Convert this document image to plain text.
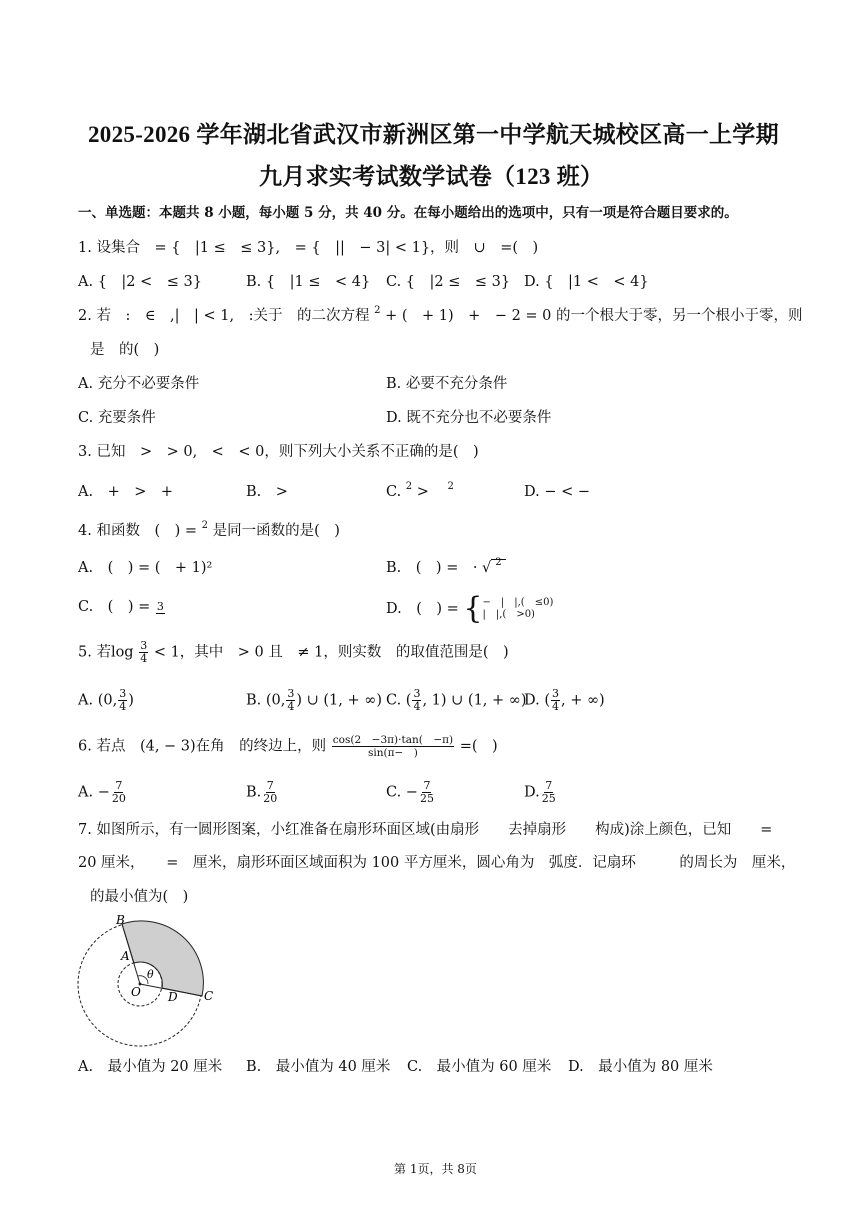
2025-2026 学年湖北省武汉市新洲区第一中学航天城校区高一上学期
九月求实考试数学试卷（123 班）
一、单选题：本题共 8 小题，每小题 5 分，共 40 分。在每小题给出的选项中，只有一项是符合题目要求的。
1. 设集合　= {　|1 ≤　≤ 3},　= {　||　− 3| < 1}，则　∪　=(　)
A. {　|2 <　≤ 3}	B. {　|1 ≤　< 4} C. {　|2 ≤　≤ 3} D. {　|1 <　< 4}
2. 若　:　∈　,|　| < 1,　:关于　的二次方程 $^2$ + (　+ 1)　+　− 2 = 0 的一个根大于零，另一个根小于零，则
是　的(　)
A. 充分不必要条件	B. 必要不充分条件
C. 充要条件	D. 既不充分也不必要条件
3. 已知　>　> 0,　<　< 0，则下列大小关系不正确的是(　)
A.　+　>　+	B.　>	C. $^2$ > $^2$	D. − < −
4. 和函数　(　) = $^2$ 是同一函数的是(　)
A.　(　) = (　+ 1)²	B.　(　) =　· √ $^2$
C.　(　) = 3	D.　(　) = { −　|　|,(　≤0)
|　|,(　>0)
5. 若$\log \frac{3}{4} < 1$，其中　> 0 且　≠ 1，则实数　的取值范围是(　)
A. (0, $\frac{3}{4}$ )	B. (0, $\frac{3}{4}$ ) ∪ (1, + ∞) C. ( $\frac{3}{4}$ , 1) ∪ (1, + ∞)
D. ( $\frac{3}{4}$ , + ∞)
6. 若点　(4, − 3)在角　的终边上，则 $\frac{\cos(2 -3\pi)\cdot\tan( -\pi)}{\sin(\pi- )}$ =(　)
A. − $\frac{7}{20}$	B. $\frac{7}{20}$	C. − $\frac{7}{25}$	D. $\frac{7}{25}$
7. 如图所示，有一圆形图案，小红准备在扇形环面区域(由扇形　　去掉扇形　　构成)涂上颜色，已知　　=
20 厘米，　　=　厘米，扇形环面区域面积为 100 平方厘米，圆心角为　弧度．记扇环　　　的周长为　厘米，
的最小值为(　)
B
A
θ
O D C
A.　最小值为 20 厘米 B.　最小值为 40 厘米 C.　最小值为 60 厘米 D.　最小值为 80 厘米
第 1页，共 8页
